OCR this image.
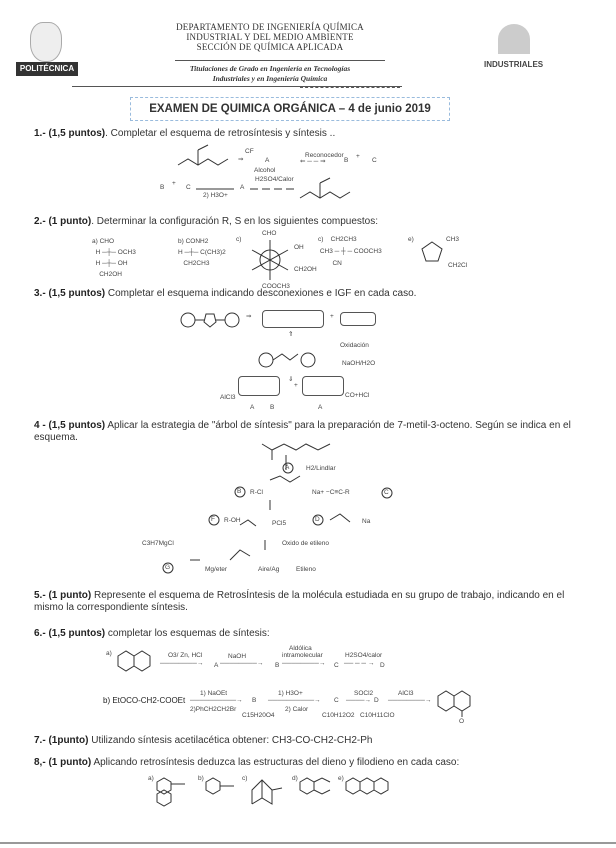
POLITÉCNICA	INDUSTRIALES
DEPARTAMENTO DE INGENIERÍA QUÍMICA
INDUSTRIAL Y DEL MEDIO AMBIENTE
SECCIÓN DE QUÍMICA APLICADA
Titulaciones de Grado en Ingeniería en Tecnologías
Industriales y en Ingeniería Química
EXAMEN DE QUIMICA ORGÁNICA – 4 de junio 2019
1.- (1,5 puntos). Completar el esquema de retrosíntesis y síntesis ..
CF
⇒	A
Alcohol
Reconocedor
⇐ ─ ─ ⇒	B
+
C
B
+
C
2) H3O+
A
H2SO4/Calor
2.- (1 punto). Determinar la configuración R, S en los siguientes compuestos:
a) CHO
H ─┼─ OCH3
H ─┼─ OH
CH2OH
b) CONH2
H ─┼─ C(CH3)2
CH2CH3
c)
CHO
COOCH3
OH
CH2OH
c) CH2CH3
CH3 ─ ┼ ─ COOCH3
CN
e)	CH3
CH2Cl
3.- (1,5 puntos) Completar el esquema indicando desconexiones e IGF en cada caso.
⇒	+
⇑
Oxidación
NaOH/H2O
⇓
+
CO+HCl
AlCl3
A B	A
4 - (1,5 puntos) Aplicar la estrategia de "árbol de síntesis" para la preparación de 7-metil-3-octeno. Según se indica en el esquema.
A	H2/Lindlar
B R-Cl	Na+ −C≡C-R	C
F R-OH	PCl5
D	Na
C3H7MgCl	Oxido de etileno
G	Mg/eter	Aire/Ag	Etileno
5.- (1 punto) Represente el esquema de RetrosÍntesis de la molécula estudiada en su grupo de trabajo, indicando en el mismo la correspondiente síntesis.
6.- (1,5 puntos) completar los esquemas de síntesis:
a)	O3/ Zn, HCl
────────→ A
NaOH
────────→ B
Aldólica
intramolecular
────────→ C
H2SO4/calor
── ─ ─ → D
b) EtOCO-CH2-COOEt
1) NaOEt
──────────→
2)PhCH2CH2Br
B
C15H20O4
1) H3O+
──────────→
2) Calor
C
C10H12O2
SOCl2
────→ D
C10H11ClO
AlCl3
────────→
O
7.- (1punto) Utilizando síntesis acetilacética obtener: CH3-CO-CH2-CH2-Ph
8,- (1 punto) Aplicando retrosíntesis deduzca las estructuras del dieno y filodieno en cada caso:
a)	b)	c)	d)	e)
